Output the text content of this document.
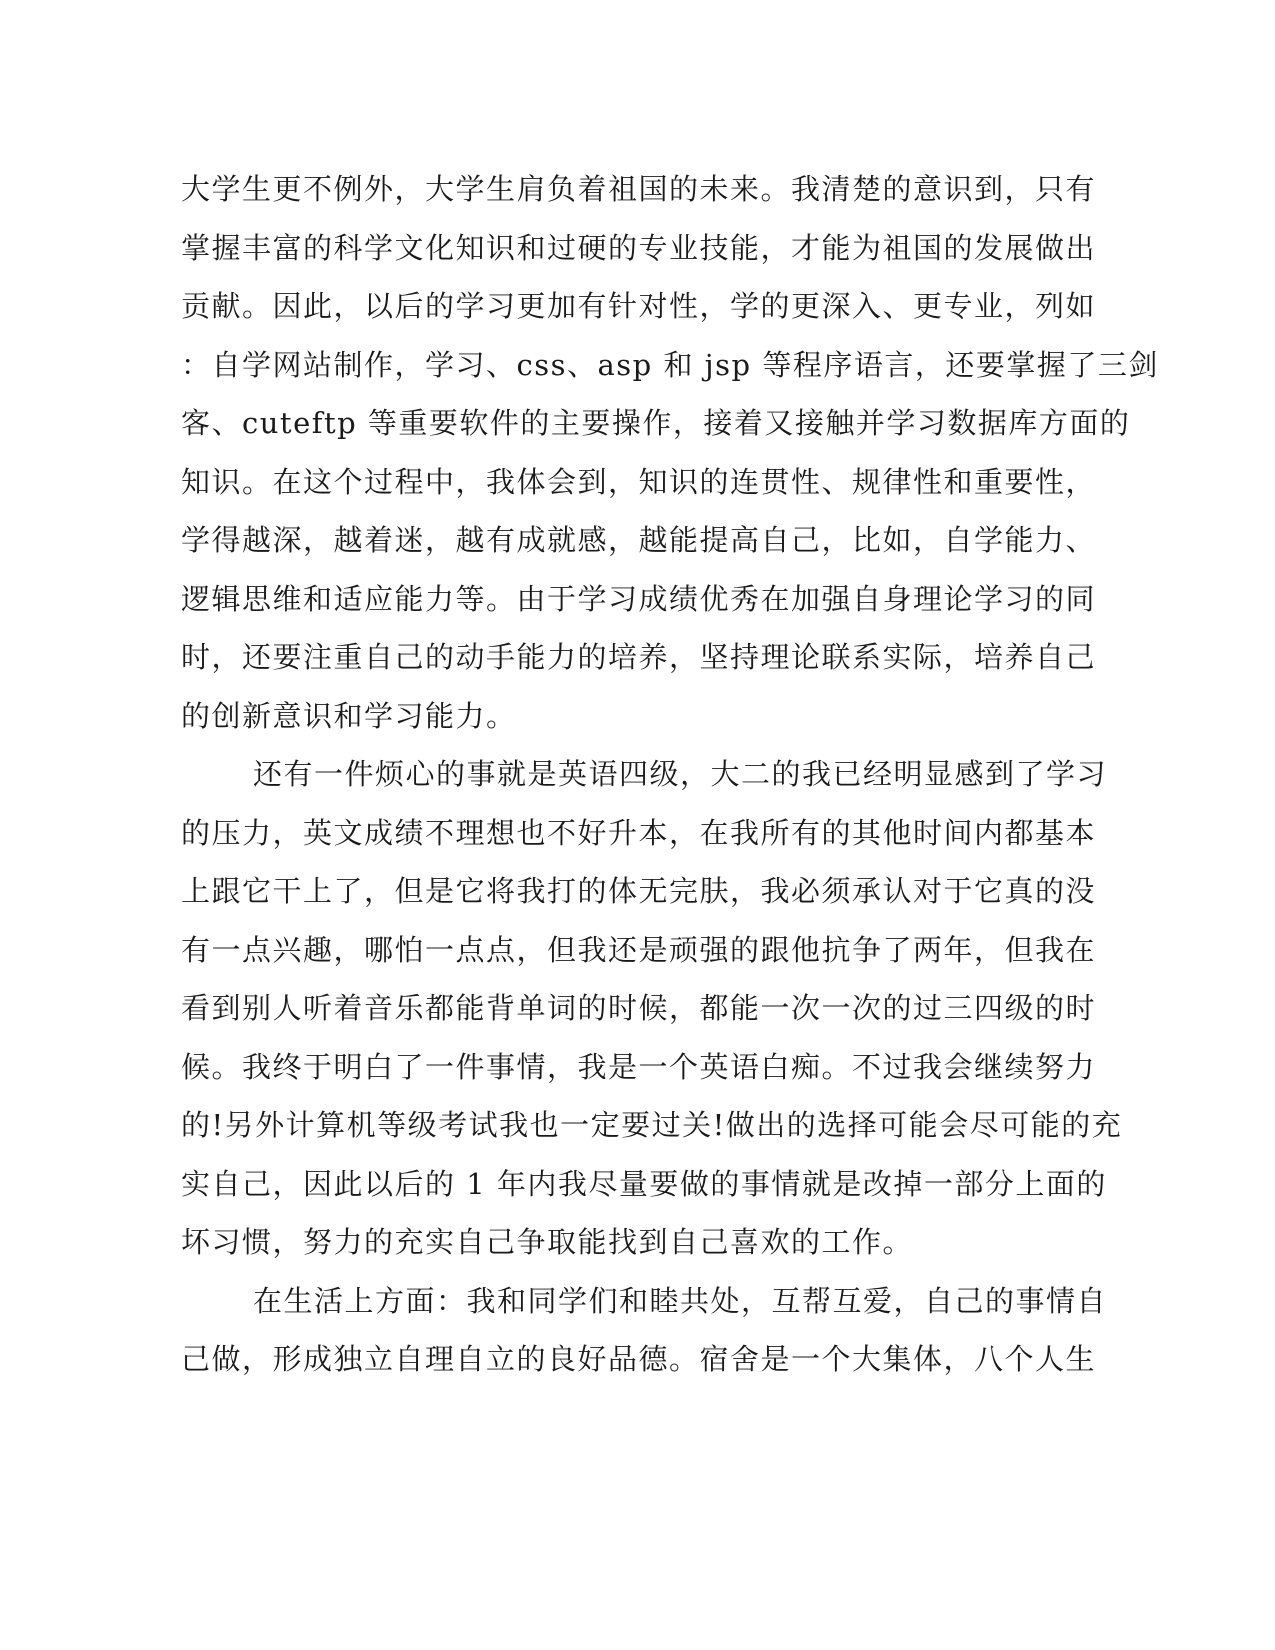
大学生更不例外，大学生肩负着祖国的未来。我清楚的意识到，只有
掌握丰富的科学文化知识和过硬的专业技能，才能为祖国的发展做出
贡献。因此，以后的学习更加有针对性，学的更深入、更专业，列如
：自学网站制作，学习、css、asp 和 jsp 等程序语言，还要掌握了三剑
客、cuteftp 等重要软件的主要操作，接着又接触并学习数据库方面的
知识。在这个过程中，我体会到，知识的连贯性、规律性和重要性，
学得越深，越着迷，越有成就感，越能提高自己，比如，自学能力、
逻辑思维和适应能力等。由于学习成绩优秀在加强自身理论学习的同
时，还要注重自己的动手能力的培养，坚持理论联系实际，培养自己
的创新意识和学习能力。
还有一件烦心的事就是英语四级，大二的我已经明显感到了学习
的压力，英文成绩不理想也不好升本，在我所有的其他时间内都基本
上跟它干上了，但是它将我打的体无完肤，我必须承认对于它真的没
有一点兴趣，哪怕一点点，但我还是顽强的跟他抗争了两年，但我在
看到别人听着音乐都能背单词的时候，都能一次一次的过三四级的时
候。我终于明白了一件事情，我是一个英语白痴。不过我会继续努力
的!另外计算机等级考试我也一定要过关!做出的选择可能会尽可能的充
实自己，因此以后的 1 年内我尽量要做的事情就是改掉一部分上面的
坏习惯，努力的充实自己争取能找到自己喜欢的工作。
在生活上方面：我和同学们和睦共处，互帮互爱，自己的事情自
己做，形成独立自理自立的良好品德。宿舍是一个大集体，八个人生
